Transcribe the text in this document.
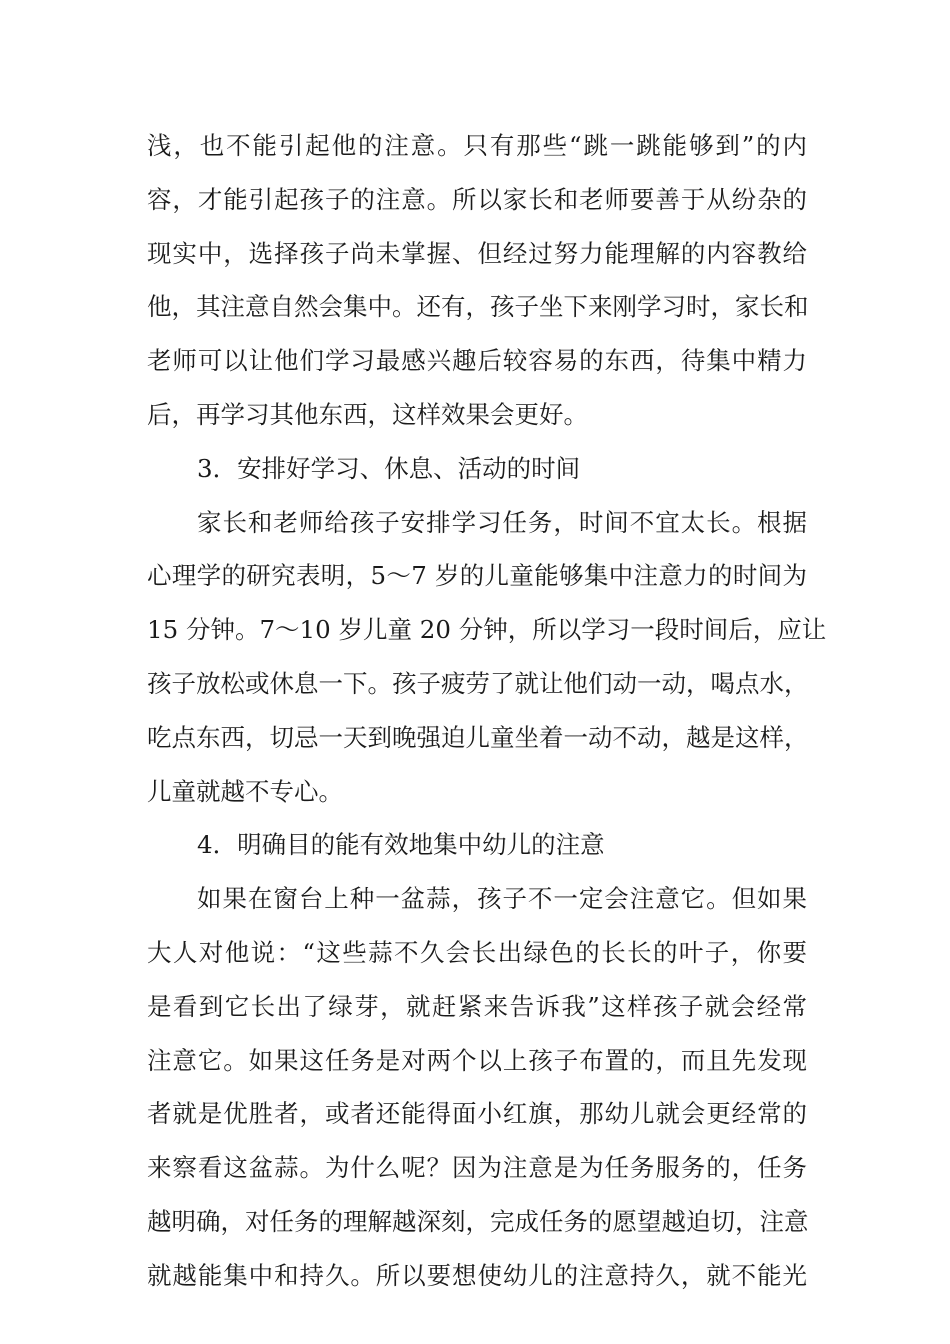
浅，也不能引起他的注意。只有那些“跳一跳能够到”的内
容，才能引起孩子的注意。所以家长和老师要善于从纷杂的
现实中，选择孩子尚未掌握、但经过努力能理解的内容教给
他，其注意自然会集中。还有，孩子坐下来刚学习时，家长和
老师可以让他们学习最感兴趣后较容易的东西，待集中精力
后，再学习其他东西，这样效果会更好。
3．安排好学习、休息、活动的时间
家长和老师给孩子安排学习任务，时间不宜太长。根据
心理学的研究表明，5～7 岁的儿童能够集中注意力的时间为
15 分钟。7～10 岁儿童 20 分钟，所以学习一段时间后，应让
孩子放松或休息一下。孩子疲劳了就让他们动一动，喝点水，
吃点东西，切忌一天到晚强迫儿童坐着一动不动，越是这样，
儿童就越不专心。
4．明确目的能有效地集中幼儿的注意
如果在窗台上种一盆蒜，孩子不一定会注意它。但如果
大人对他说：“这些蒜不久会长出绿色的长长的叶子，你要
是看到它长出了绿芽，就赶紧来告诉我”这样孩子就会经常
注意它。如果这任务是对两个以上孩子布置的，而且先发现
者就是优胜者，或者还能得面小红旗，那幼儿就会更经常的
来察看这盆蒜。为什么呢？因为注意是为任务服务的，任务
越明确，对任务的理解越深刻，完成任务的愿望越迫切，注意
就越能集中和持久。所以要想使幼儿的注意持久，就不能光
